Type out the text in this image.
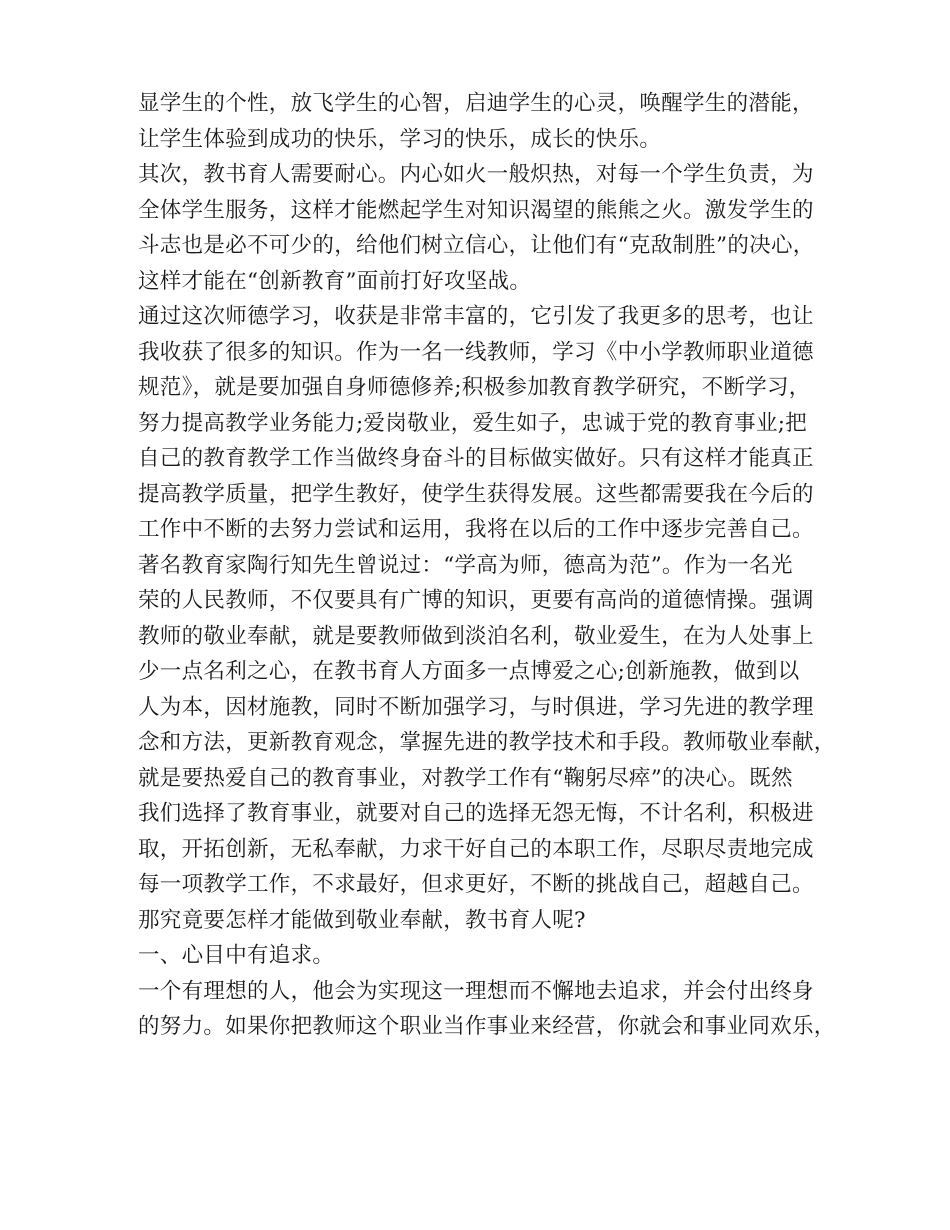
显学生的个性，放飞学生的心智，启迪学生的心灵，唤醒学生的潜能，
让学生体验到成功的快乐，学习的快乐，成长的快乐。
其次，教书育人需要耐心。内心如火一般炽热，对每一个学生负责，为
全体学生服务，这样才能燃起学生对知识渴望的熊熊之火。激发学生的
斗志也是必不可少的，给他们树立信心，让他们有“克敌制胜”的决心，
这样才能在“创新教育”面前打好攻坚战。
通过这次师德学习，收获是非常丰富的，它引发了我更多的思考，也让
我收获了很多的知识。作为一名一线教师，学习《中小学教师职业道德
规范》，就是要加强自身师德修养;积极参加教育教学研究，不断学习，
努力提高教学业务能力;爱岗敬业，爱生如子，忠诚于党的教育事业;把
自己的教育教学工作当做终身奋斗的目标做实做好。只有这样才能真正
提高教学质量，把学生教好，使学生获得发展。这些都需要我在今后的
工作中不断的去努力尝试和运用，我将在以后的工作中逐步完善自己。
著名教育家陶行知先生曾说过：“学高为师，德高为范”。作为一名光
荣的人民教师，不仅要具有广博的知识，更要有高尚的道德情操。强调
教师的敬业奉献，就是要教师做到淡泊名利，敬业爱生，在为人处事上
少一点名利之心，在教书育人方面多一点博爱之心;创新施教，做到以
人为本，因材施教，同时不断加强学习，与时俱进，学习先进的教学理
念和方法，更新教育观念，掌握先进的教学技术和手段。教师敬业奉献，
就是要热爱自己的教育事业，对教学工作有“鞠躬尽瘁”的决心。既然
我们选择了教育事业，就要对自己的选择无怨无悔，不计名利，积极进
取，开拓创新，无私奉献，力求干好自己的本职工作，尽职尽责地完成
每一项教学工作，不求最好，但求更好，不断的挑战自己，超越自己。
那究竟要怎样才能做到敬业奉献，教书育人呢?
一、心目中有追求。
一个有理想的人，他会为实现这一理想而不懈地去追求，并会付出终身
的努力。如果你把教师这个职业当作事业来经营，你就会和事业同欢乐，
